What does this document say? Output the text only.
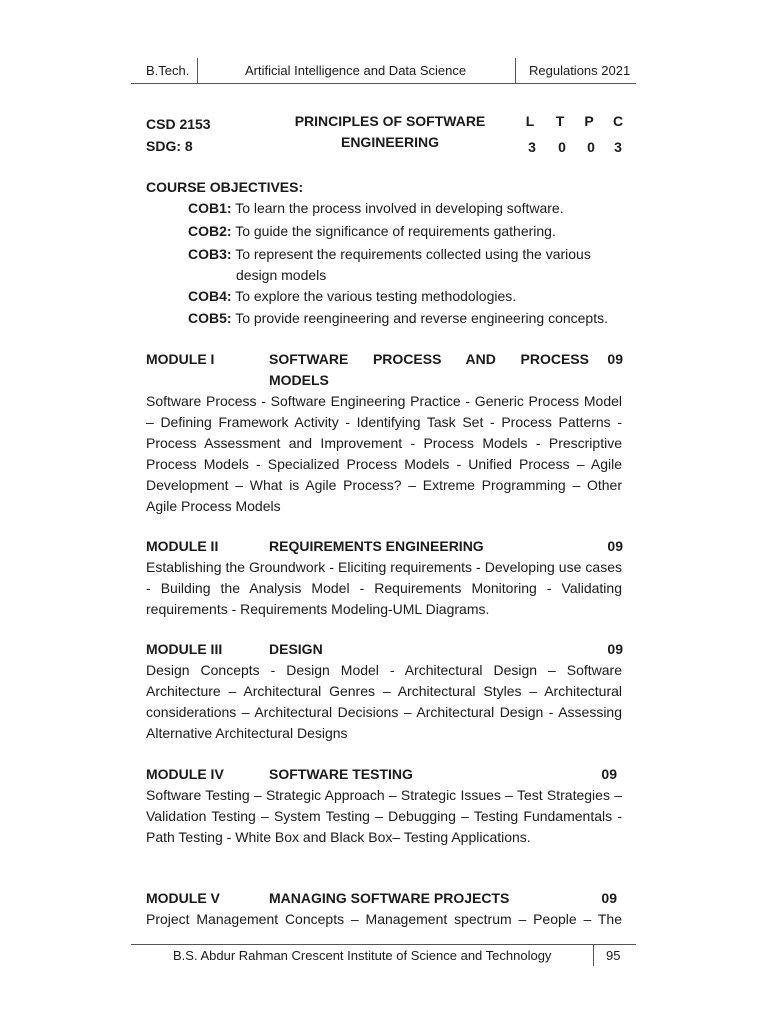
B.Tech.	Artificial Intelligence and Data Science	Regulations 2021
CSD 2153
SDG: 8
PRINCIPLES OF SOFTWARE
ENGINEERING
L	T	P	C
3	0	0	3
COURSE OBJECTIVES:
COB1: To learn the process involved in developing software.
COB2: To guide the significance of requirements gathering.
COB3: To represent the requirements collected using the various
design models
COB4: To explore the various testing methodologies.
COB5: To provide reengineering and reverse engineering concepts.
MODULE I	SOFTWARE PROCESS AND PROCESS 09
MODELS

Software Process - Software Engineering Practice - Generic Process Model – Defining Framework Activity - Identifying Task Set - Process Patterns - Process Assessment and Improvement - Process Models - Prescriptive Process Models - Specialized Process Models - Unified Process – Agile Development – What is Agile Process? – Extreme Programming – Other Agile Process Models

MODULE II	REQUIREMENTS ENGINEERING	09

Establishing the Groundwork - Eliciting requirements - Developing use cases - Building the Analysis Model - Requirements Monitoring - Validating requirements - Requirements Modeling-UML Diagrams.

MODULE III	DESIGN	09

Design Concepts - Design Model - Architectural Design – Software Architecture – Architectural Genres – Architectural Styles – Architectural considerations – Architectural Decisions – Architectural Design - Assessing Alternative Architectural Designs

MODULE IV	SOFTWARE TESTING	09

Software Testing – Strategic Approach – Strategic Issues – Test Strategies – Validation Testing – System Testing – Debugging – Testing Fundamentals - Path Testing - White Box and Black Box– Testing Applications.

MODULE V	MANAGING SOFTWARE PROJECTS	09

Project Management Concepts – Management spectrum – People – The

B.S. Abdur Rahman Crescent Institute of Science and Technology	95
